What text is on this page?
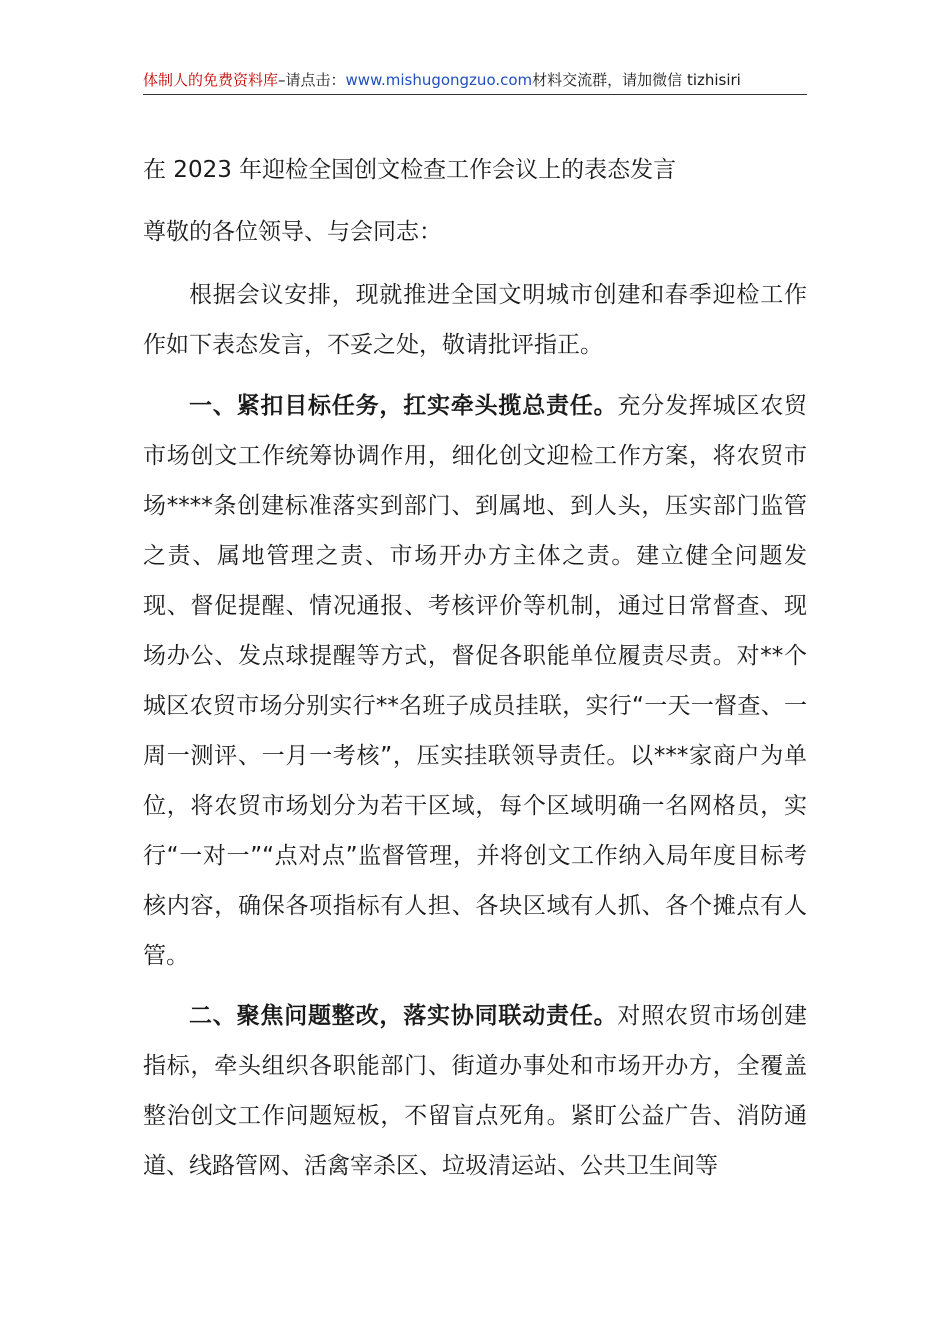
体制人的免费资料库–请点击：www.mishugongzuo.com材料交流群，请加微信 tizhisiri
在 2023 年迎检全国创文检查工作会议上的表态发言
尊敬的各位领导、与会同志：
根据会议安排，现就推进全国文明城市创建和春季迎检工作作如下表态发言，不妥之处，敬请批评指正。
一、紧扣目标任务，扛实牵头揽总责任。充分发挥城区农贸市场创文工作统筹协调作用，细化创文迎检工作方案，将农贸市场****条创建标准落实到部门、到属地、到人头，压实部门监管之责、属地管理之责、市场开办方主体之责。建立健全问题发现、督促提醒、情况通报、考核评价等机制，通过日常督查、现场办公、发点球提醒等方式，督促各职能单位履责尽责。对**个城区农贸市场分别实行**名班子成员挂联，实行“一天一督查、一周一测评、一月一考核”，压实挂联领导责任。以***家商户为单位，将农贸市场划分为若干区域，每个区域明确一名网格员，实行“一对一”“点对点”监督管理，并将创文工作纳入局年度目标考核内容，确保各项指标有人担、各块区域有人抓、各个摊点有人管。
二、聚焦问题整改，落实协同联动责任。对照农贸市场创建指标，牵头组织各职能部门、街道办事处和市场开办方，全覆盖整治创文工作问题短板，不留盲点死角。紧盯公益广告、消防通道、线路管网、活禽宰杀区、垃圾清运站、公共卫生间等
